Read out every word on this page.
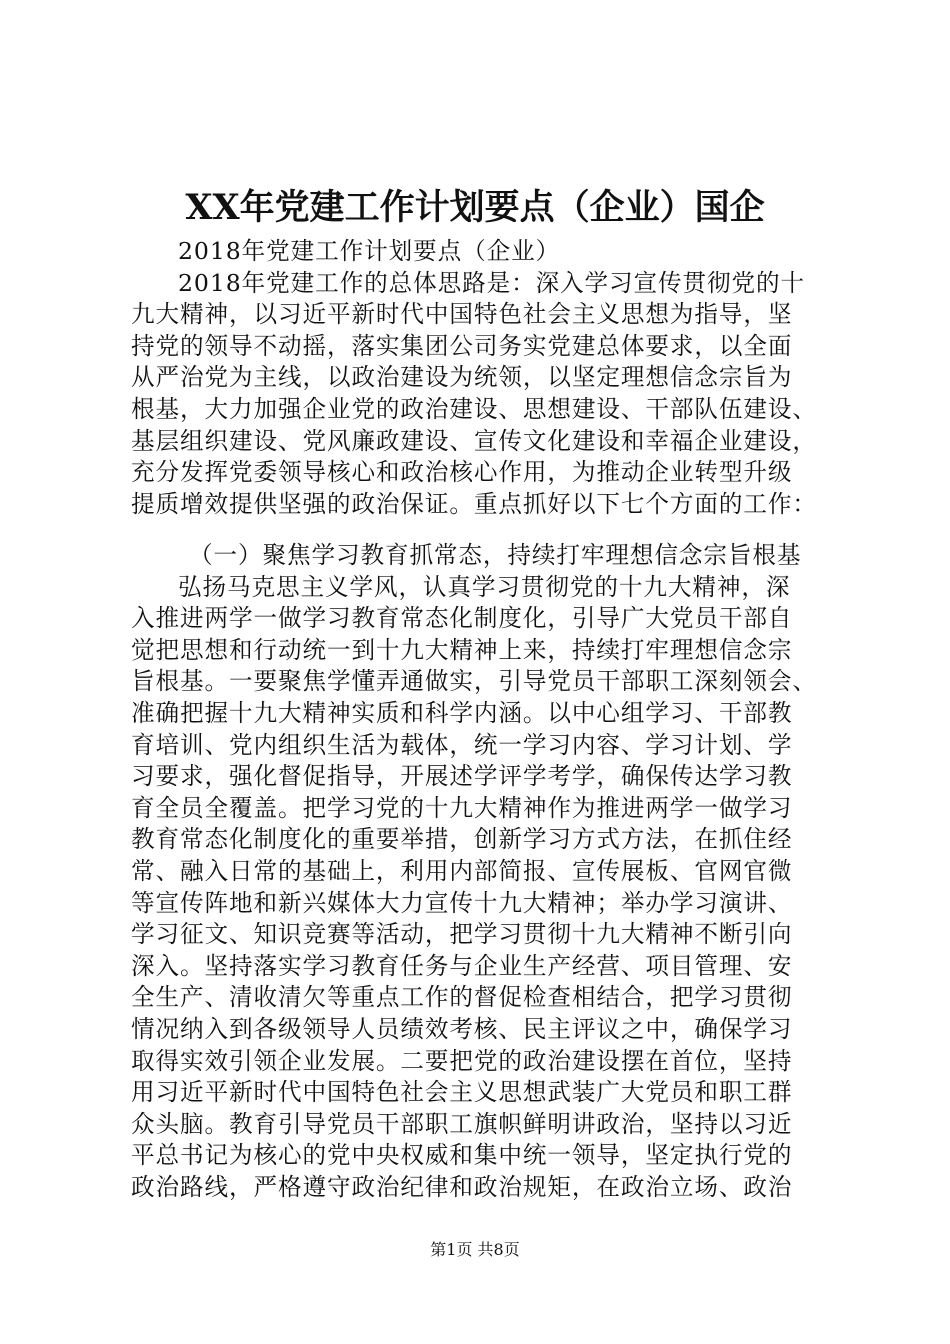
XX年党建工作计划要点（企业）国企
2018年党建工作计划要点（企业）
2018年党建工作的总体思路是：深入学习宣传贯彻党的十
九大精神，以习近平新时代中国特色社会主义思想为指导，坚
持党的领导不动摇，落实集团公司务实党建总体要求，以全面
从严治党为主线，以政治建设为统领，以坚定理想信念宗旨为
根基，大力加强企业党的政治建设、思想建设、干部队伍建设、
基层组织建设、党风廉政建设、宣传文化建设和幸福企业建设，
充分发挥党委领导核心和政治核心作用，为推动企业转型升级
提质增效提供坚强的政治保证。重点抓好以下七个方面的工作：
（一）聚焦学习教育抓常态，持续打牢理想信念宗旨根基
弘扬马克思主义学风，认真学习贯彻党的十九大精神，深
入推进两学一做学习教育常态化制度化，引导广大党员干部自
觉把思想和行动统一到十九大精神上来，持续打牢理想信念宗
旨根基。一要聚焦学懂弄通做实，引导党员干部职工深刻领会、
准确把握十九大精神实质和科学内涵。以中心组学习、干部教
育培训、党内组织生活为载体，统一学习内容、学习计划、学
习要求，强化督促指导，开展述学评学考学，确保传达学习教
育全员全覆盖。把学习党的十九大精神作为推进两学一做学习
教育常态化制度化的重要举措，创新学习方式方法，在抓住经
常、融入日常的基础上，利用内部简报、宣传展板、官网官微
等宣传阵地和新兴媒体大力宣传十九大精神；举办学习演讲、
学习征文、知识竞赛等活动，把学习贯彻十九大精神不断引向
深入。坚持落实学习教育任务与企业生产经营、项目管理、安
全生产、清收清欠等重点工作的督促检查相结合，把学习贯彻
情况纳入到各级领导人员绩效考核、民主评议之中，确保学习
取得实效引领企业发展。二要把党的政治建设摆在首位，坚持
用习近平新时代中国特色社会主义思想武装广大党员和职工群
众头脑。教育引导党员干部职工旗帜鲜明讲政治，坚持以习近
平总书记为核心的党中央权威和集中统一领导，坚定执行党的
政治路线，严格遵守政治纪律和政治规矩，在政治立场、政治
第1页 共8页
